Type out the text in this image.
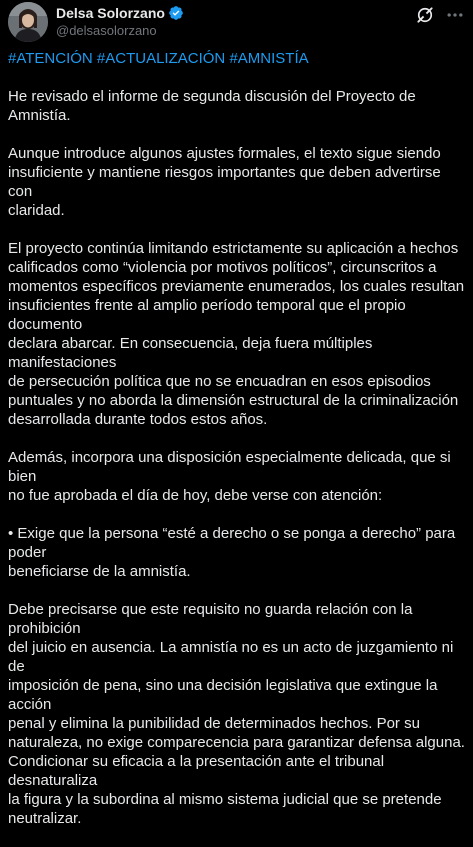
Delsa Solorzano
@delsasolorzano
#ATENCIÓN #ACTUALIZACIÓN #AMNISTÍA

He revisado el informe de segunda discusión del Proyecto de Amnistía.

Aunque introduce algunos ajustes formales, el texto sigue siendo
insuficiente y mantiene riesgos importantes que deben advertirse con
claridad.

El proyecto continúa limitando estrictamente su aplicación a hechos
calificados como “violencia por motivos políticos”, circunscritos a
momentos específicos previamente enumerados, los cuales resultan
insuficientes frente al amplio período temporal que el propio documento
declara abarcar. En consecuencia, deja fuera múltiples manifestaciones
de persecución política que no se encuadran en esos episodios
puntuales y no aborda la dimensión estructural de la criminalización
desarrollada durante todos estos años.

Además, incorpora una disposición especialmente delicada, que si bien
no fue aprobada el día de hoy, debe verse con atención:

• Exige que la persona “esté a derecho o se ponga a derecho” para poder
beneficiarse de la amnistía.

Debe precisarse que este requisito no guarda relación con la prohibición
del juicio en ausencia. La amnistía no es un acto de juzgamiento ni de
imposición de pena, sino una decisión legislativa que extingue la acción
penal y elimina la punibilidad de determinados hechos. Por su
naturaleza, no exige comparecencia para garantizar defensa alguna.
Condicionar su eficacia a la presentación ante el tribunal desnaturaliza
la figura y la subordina al mismo sistema judicial que se pretende
neutralizar.
